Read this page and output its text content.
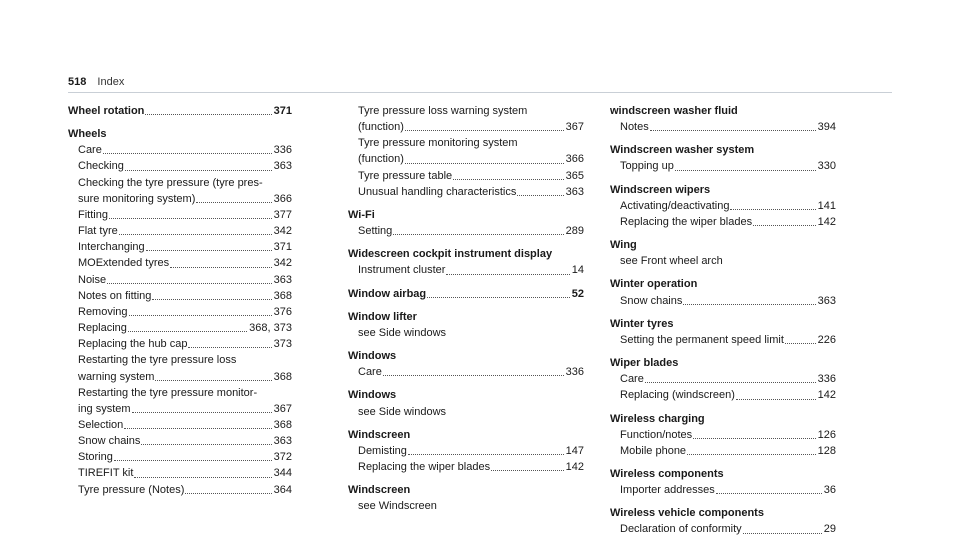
518 Index
Wheel rotation	371
Wheels
Care	336
Checking	363
Checking the tyre pressure (tyre pres-
sure monitoring system)	366
Fitting	377
Flat tyre	342
Interchanging	371
MOExtended tyres	342
Noise	363
Notes on fitting	368
Removing	376
Replacing	368, 373
Replacing the hub cap	373
Restarting the tyre pressure loss
warning system	368
Restarting the tyre pressure monitor-
ing system	367
Selection	368
Snow chains	363
Storing	372
TIREFIT kit	344
Tyre pressure (Notes)	364
Tyre pressure loss warning system
(function)	367
Tyre pressure monitoring system
(function)	366
Tyre pressure table	365
Unusual handling characteristics	363
Wi-Fi
Setting	289
Widescreen cockpit instrument display
Instrument cluster	14
Window airbag	52
Window lifter
see Side windows
Windows
Care	336
Windows
see Side windows
Windscreen
Demisting	147
Replacing the wiper blades	142
Windscreen
see Windscreen
windscreen washer fluid
Notes	394
Windscreen washer system
Topping up	330
Windscreen wipers
Activating/deactivating	141
Replacing the wiper blades	142
Wing
see Front wheel arch
Winter operation
Snow chains	363
Winter tyres
Setting the permanent speed limit	226
Wiper blades
Care	336
Replacing (windscreen)	142
Wireless charging
Function/notes	126
Mobile phone	128
Wireless components
Importer addresses	36
Wireless vehicle components
Declaration of conformity	29
